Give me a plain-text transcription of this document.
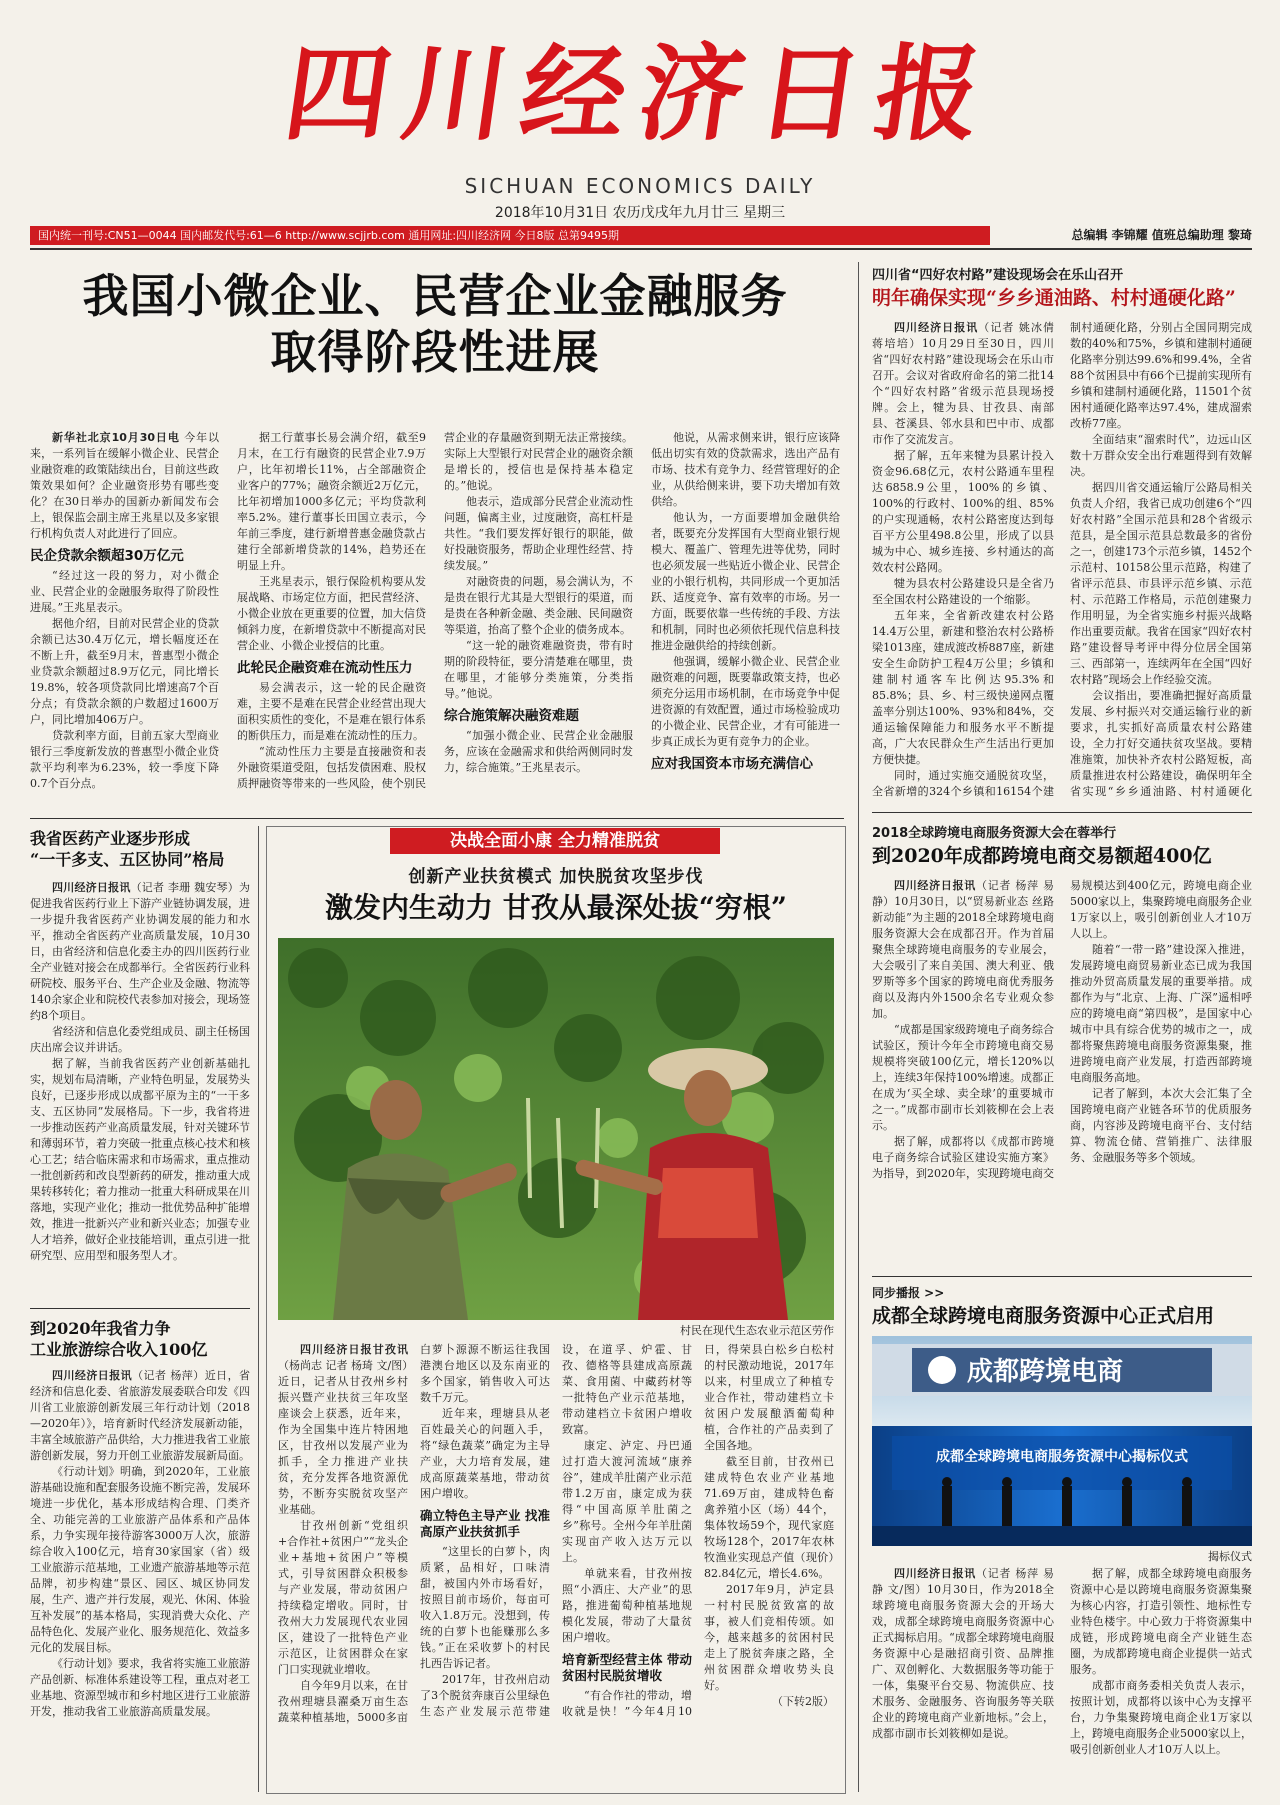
四川经济日报
SICHUAN ECONOMICS DAILY
2018年10月31日 农历戊戌年九月廿三 星期三
国内统一刊号:CN51—0044 国内邮发代号:61—6 http://www.scjjrb.com 通用网址:四川经济网 今日8版 总第9495期	总编辑 李锦耀 值班总编助理 黎琦
我国小微企业、民营企业金融服务
取得阶段性进展

新华社北京10月30日电 今年以来，一系列旨在缓解小微企业、民营企业融资难的政策陆续出台，目前这些政策效果如何？企业融资形势有哪些变化？在30日举办的国新办新闻发布会上，银保监会副主席王兆星以及多家银行机构负责人对此进行了回应。

民企贷款余额超30万亿元

“经过这一段的努力，对小微企业、民营企业的金融服务取得了阶段性进展。”王兆星表示。

据他介绍，目前对民营企业的贷款余额已达30.4万亿元，增长幅度还在不断上升，截至9月末，普惠型小微企业贷款余额超过8.9万亿元，同比增长19.8%，较各项贷款同比增速高7个百分点；有贷款余额的户数超过1600万户，同比增加406万户。

贷款利率方面，目前五家大型商业银行三季度新发放的普惠型小微企业贷款平均利率为6.23%，较一季度下降0.7个百分点。

据工行董事长易会满介绍，截至9月末，在工行有融资的民营企业7.9万户，比年初增长11%，占全部融资企业客户的77%；融资余额近2万亿元，比年初增加1000多亿元；平均贷款利率5.2%。建行董事长田国立表示，今年前三季度，建行新增普惠金融贷款占建行全部新增贷款的14%，趋势还在明显上升。

王兆星表示，银行保险机构要从发展战略、市场定位方面，把民营经济、小微企业放在更重要的位置，加大信贷倾斜力度，在新增贷款中不断提高对民营企业、小微企业授信的比重。

此轮民企融资难在流动性压力

易会满表示，这一轮的民企融资难，主要不是难在民营企业经营出现大面积实质性的变化，不是难在银行体系的断供压力，而是难在流动性的压力。

“流动性压力主要是直接融资和表外融资渠道受阻，包括发债困难、股权质押融资等带来的一些风险，使个别民营企业的存量融资到期无法正常接续。实际上大型银行对民营企业的融资余额是增长的，授信也是保持基本稳定的。”他说。

他表示，造成部分民营企业流动性问题，偏离主业，过度融资，高杠杆是共性。“我们要发挥好银行的职能，做好投融资服务，帮助企业理性经营、持续发展。”

对融资贵的问题，易会满认为，不是贵在银行尤其是大型银行的渠道，而是贵在各种新金融、类金融、民间融资等渠道，抬高了整个企业的债务成本。

“这一轮的融资难融资贵，带有时期的阶段特征，要分清楚难在哪里，贵在哪里，才能够分类施策，分类指导。”他说。

综合施策解决融资难题

“加强小微企业、民营企业金融服务，应该在金融需求和供给两侧同时发力，综合施策。”王兆星表示。

他说，从需求侧来讲，银行应该降低出切实有效的贷款需求，选出产品有市场、技术有竞争力、经营管理好的企业，从供给侧来讲，要下功夫增加有效供给。

他认为，一方面要增加金融供给者，既要充分发挥国有大型商业银行规模大、覆盖广、管理先进等优势，同时也必须发展一些贴近小微企业、民营企业的小银行机构，共同形成一个更加活跃、适度竞争、富有效率的市场。另一方面，既要依靠一些传统的手段、方法和机制，同时也必须依托现代信息科技推进金融供给的持续创新。

他强调，缓解小微企业、民营企业融资难的问题，既要靠政策支持，也必须充分运用市场机制，在市场竞争中促进资源的有效配置，通过市场检验成功的小微企业、民营企业，才有可能进一步真正成长为更有竞争力的企业。

应对我国资本市场充满信心

四川省“四好农村路”建设现场会在乐山召开
明年确保实现“乡乡通油路、村村通硬化路”

四川经济日报讯（记者 姚冰倩 蒋培培）10月29日至30日，四川省“四好农村路”建设现场会在乐山市召开。会议对省政府命名的第二批14个“四好农村路”省级示范县现场授牌。会上，犍为县、甘孜县、南部县、苍溪县、邻水县和巴中市、成都市作了交流发言。

据了解，五年来犍为县累计投入资金96.68亿元，农村公路通车里程达6858.9公里，100%的乡镇、100%的行政村、100%的组、85%的户实现通畅，农村公路密度达到每百平方公里498.8公里，形成了以县城为中心、城乡连接、乡村通达的高效农村公路网。

犍为县农村公路建设只是全省乃至全国农村公路建设的一个缩影。

五年来，全省新改建农村公路14.4万公里，新建和整治农村公路桥梁1013座，建成渡改桥887座，新建安全生命防护工程4万公里；乡镇和建制村通客车比例达95.3%和85.8%；县、乡、村三级快递网点覆盖率分别达100%、93%和84%，交通运输保障能力和服务水平不断提高，广大农民群众生产生活出行更加方便快捷。

同时，通过实施交通脱贫攻坚，全省新增的324个乡镇和16154个建制村通硬化路，分别占全国同期完成数的40%和75%，乡镇和建制村通硬化路率分别达99.6%和99.4%，全省88个贫困县中有66个已提前实现所有乡镇和建制村通硬化路，11501个贫困村通硬化路率达97.4%，建成溜索改桥77座。

全面结束“溜索时代”，边远山区数十万群众安全出行难题得到有效解决。

据四川省交通运输厅公路局相关负责人介绍，我省已成功创建6个“四好农村路”全国示范县和28个省级示范县，是全国示范县总数最多的省份之一，创建173个示范乡镇，1452个示范村、10158公里示范路，构建了省评示范县、市县评示范乡镇、示范村、示范路工作格局，示范创建聚力作用明显，为全省实施乡村振兴战略作出重要贡献。我省在国家“四好农村路”建设督导考评中得分位居全国第三、西部第一，连续两年在全国“四好农村路”现场会上作经验交流。

会议指出，要准确把握好高质量发展、乡村振兴对交通运输行业的新要求，扎实抓好高质量农村公路建设，全力打好交通扶贫攻坚战。要精准施策，加快补齐农村公路短板，高质量推进农村公路建设，确保明年全省实现“乡乡通油路、村村通硬化

2018全球跨境电商服务资源大会在蓉举行
到2020年成都跨境电商交易额超400亿

四川经济日报讯（记者 杨萍 易静）10月30日，以“贸易新业态 丝路新动能”为主题的2018全球跨境电商服务资源大会在成都召开。作为首届聚焦全球跨境电商服务的专业展会，大会吸引了来自美国、澳大利亚、俄罗斯等多个国家的跨境电商优秀服务商以及海内外1500余名专业观众参加。

“成都是国家级跨境电子商务综合试验区，预计今年全市跨境电商交易规模将突破100亿元，增长120%以上，连续3年保持100%增速。成都正在成为‘买全球、卖全球’的重要城市之一。”成都市副市长刘筱柳在会上表示。

据了解，成都将以《成都市跨境电子商务综合试验区建设实施方案》为指导，到2020年，实现跨境电商交易规模达到400亿元，跨境电商企业5000家以上，集聚跨境电商服务企业1万家以上，吸引创新创业人才10万人以上。

随着“一带一路”建设深入推进，发展跨境电商贸易新业态已成为我国推动外贸高质量发展的重要举措。成都作为与“北京、上海、广深”遥相呼应的跨境电商“第四极”，是国家中心城市中具有综合优势的城市之一，成都将聚焦跨境电商服务资源集聚，推进跨境电商产业发展，打造西部跨境电商服务高地。

记者了解到，本次大会汇集了全国跨境电商产业链各环节的优质服务商，内容涉及跨境电商平台、支付结算、物流仓储、营销推广、法律服务、金融服务等多个领域。

同步播报 >>
成都全球跨境电商服务资源中心正式启用
成都跨境电商
成都全球跨境电商服务资源中心揭标仪式
揭标仪式

四川经济日报讯（记者 杨萍 易静 文/图）10月30日，作为2018全球跨境电商服务资源大会的开场大戏，成都全球跨境电商服务资源中心正式揭标启用。“成都全球跨境电商服务资源中心是融招商引资、品牌推广、双创孵化、大数据服务等功能于一体，集聚平台交易、物流供应、技术服务、金融服务、咨询服务等关联企业的跨境电商产业新地标。”会上，成都市副市长刘筱柳如是说。

据了解，成都全球跨境电商服务资源中心是以跨境电商服务资源集聚为核心内容，打造引领性、地标性专业特色楼宇。中心致力于将资源集中成链，形成跨境电商全产业链生态圈，为成都跨境电商企业提供一站式服务。

成都市商务委相关负责人表示，按照计划，成都将以该中心为支撑平台，力争集聚跨境电商企业1万家以上，跨境电商服务企业5000家以上，吸引创新创业人才10万人以上。

我省医药产业逐步形成
“一干多支、五区协同”格局

四川经济日报讯（记者 李珊 魏安琴）为促进我省医药行业上下游产业链协调发展，进一步提升我省医药产业协调发展的能力和水平，推动全省医药产业高质量发展，10月30日，由省经济和信息化委主办的四川医药行业全产业链对接会在成都举行。全省医药行业科研院校、服务平台、生产企业及金融、物流等140余家企业和院校代表参加对接会，现场签约8个项目。

省经济和信息化委党组成员、副主任杨国庆出席会议并讲话。

据了解，当前我省医药产业创新基础扎实，规划布局清晰，产业特色明显，发展势头良好，已逐步形成以成都平原为主的“一干多支、五区协同”发展格局。下一步，我省将进一步推动医药产业高质量发展，针对关键环节和薄弱环节，着力突破一批重点核心技术和核心工艺；结合临床需求和市场需求，重点推动一批创新药和改良型新药的研发，推动重大成果转移转化；着力推动一批重大科研成果在川落地，实现产业化；推动一批优势品种扩能增效，推进一批新兴产业和新兴业态；加强专业人才培养，做好企业技能培训，重点引进一批研究型、应用型和服务型人才。

到2020年我省力争
工业旅游综合收入100亿

四川经济日报讯（记者 杨萍）近日，省经济和信息化委、省旅游发展委联合印发《四川省工业旅游创新发展三年行动计划（2018—2020年）》，培育新时代经济发展新动能，丰富全域旅游产品供给，大力推进我省工业旅游创新发展，努力开创工业旅游发展新局面。

《行动计划》明确，到2020年，工业旅游基础设施和配套服务设施不断完善，发展环境进一步优化，基本形成结构合理、门类齐全、功能完善的工业旅游产品体系和产品体系，力争实现年接待游客3000万人次，旅游综合收入100亿元，培育30家国家（省）级工业旅游示范基地，工业遗产旅游基地等示范品牌，初步构建“景区、园区、城区协同发展，生产、遗产并行发展，观光、休闲、体验互补发展”的基本格局，实现消费大众化、产品特色化、发展产业化、服务规范化、效益多元化的发展目标。

《行动计划》要求，我省将实施工业旅游产品创新、标准体系建设等工程，重点对老工业基地、资源型城市和乡村地区进行工业旅游开发，推动我省工业旅游高质量发展。

决战全面小康 全力精准脱贫
创新产业扶贫模式 加快脱贫攻坚步伐
激发内生动力 甘孜从最深处拔“穷根”
村民在现代生态农业示范区劳作

四川经济日报甘孜讯（杨尚志 记者 杨琦 文/图）近日，记者从甘孜州乡村振兴暨产业扶贫三年攻坚座谈会上获悉，近年来，作为全国集中连片特困地区，甘孜州以发展产业为抓手，全力推进产业扶贫，充分发挥各地资源优势，不断夯实脱贫攻坚产业基础。

甘孜州创新“党组织+合作社+贫困户”“龙头企业+基地+贫困户”等模式，引导贫困群众积极参与产业发展，带动贫困户持续稳定增收。同时，甘孜州大力发展现代农业园区，建设了一批特色产业示范区，让贫困群众在家门口实现就业增收。

自今年9月以来，在甘孜州理塘县濯桑万亩生态蔬菜种植基地，5000多亩白萝卜源源不断运往我国港澳台地区以及东南亚的多个国家，销售收入可达数千万元。

近年来，理塘县从老百姓最关心的问题入手，将“绿色蔬菜”确定为主导产业，大力培育发展，建成高原蔬菜基地，带动贫困户增收。

确立特色主导产业 找准高原产业扶贫抓手

“这里长的白萝卜，肉质紧，品相好，口味清甜，被国内外市场看好，按照目前市场价，每亩可收入1.8万元。没想到，传统的白萝卜也能赚那么多钱。”正在采收萝卜的村民扎西告诉记者。

2017年，甘孜州启动了3个脱贫奔康百公里绿色生态产业发展示范带建设，在道孚、炉霍、甘孜、德格等县建成高原蔬菜、食用菌、中藏药材等一批特色产业示范基地，带动建档立卡贫困户增收致富。

康定、泸定、丹巴通过打造大渡河流域“康养谷”，建成羊肚菌产业示范带1.2万亩，康定成为获得“中国高原羊肚菌之乡”称号。全州今年羊肚菌实现亩产收入达万元以上。

单就来看，甘孜州按照“小酒庄、大产业”的思路，推进葡萄种植基地规模化发展，带动了大量贫困户增收。

培育新型经营主体 带动贫困村民脱贫增收

“有合作社的带动，增收就是快！”今年4月10日，得荣县白松乡白松村的村民激动地说，2017年以来，村里成立了种植专业合作社，带动建档立卡贫困户发展酿酒葡萄种植，合作社的产品卖到了全国各地。

截至目前，甘孜州已建成特色农业产业基地71.69万亩，建成特色畜禽养殖小区（场）44个，集体牧场59个，现代家庭牧场128个，2017年农林牧渔业实现总产值（现价）82.84亿元，增长4.6%。

2017年9月，泸定县一村村民脱贫致富的故事，被人们竞相传颂。如今，越来越多的贫困村民走上了脱贫奔康之路，全州贫困群众增收势头良好。

（下转2版）
